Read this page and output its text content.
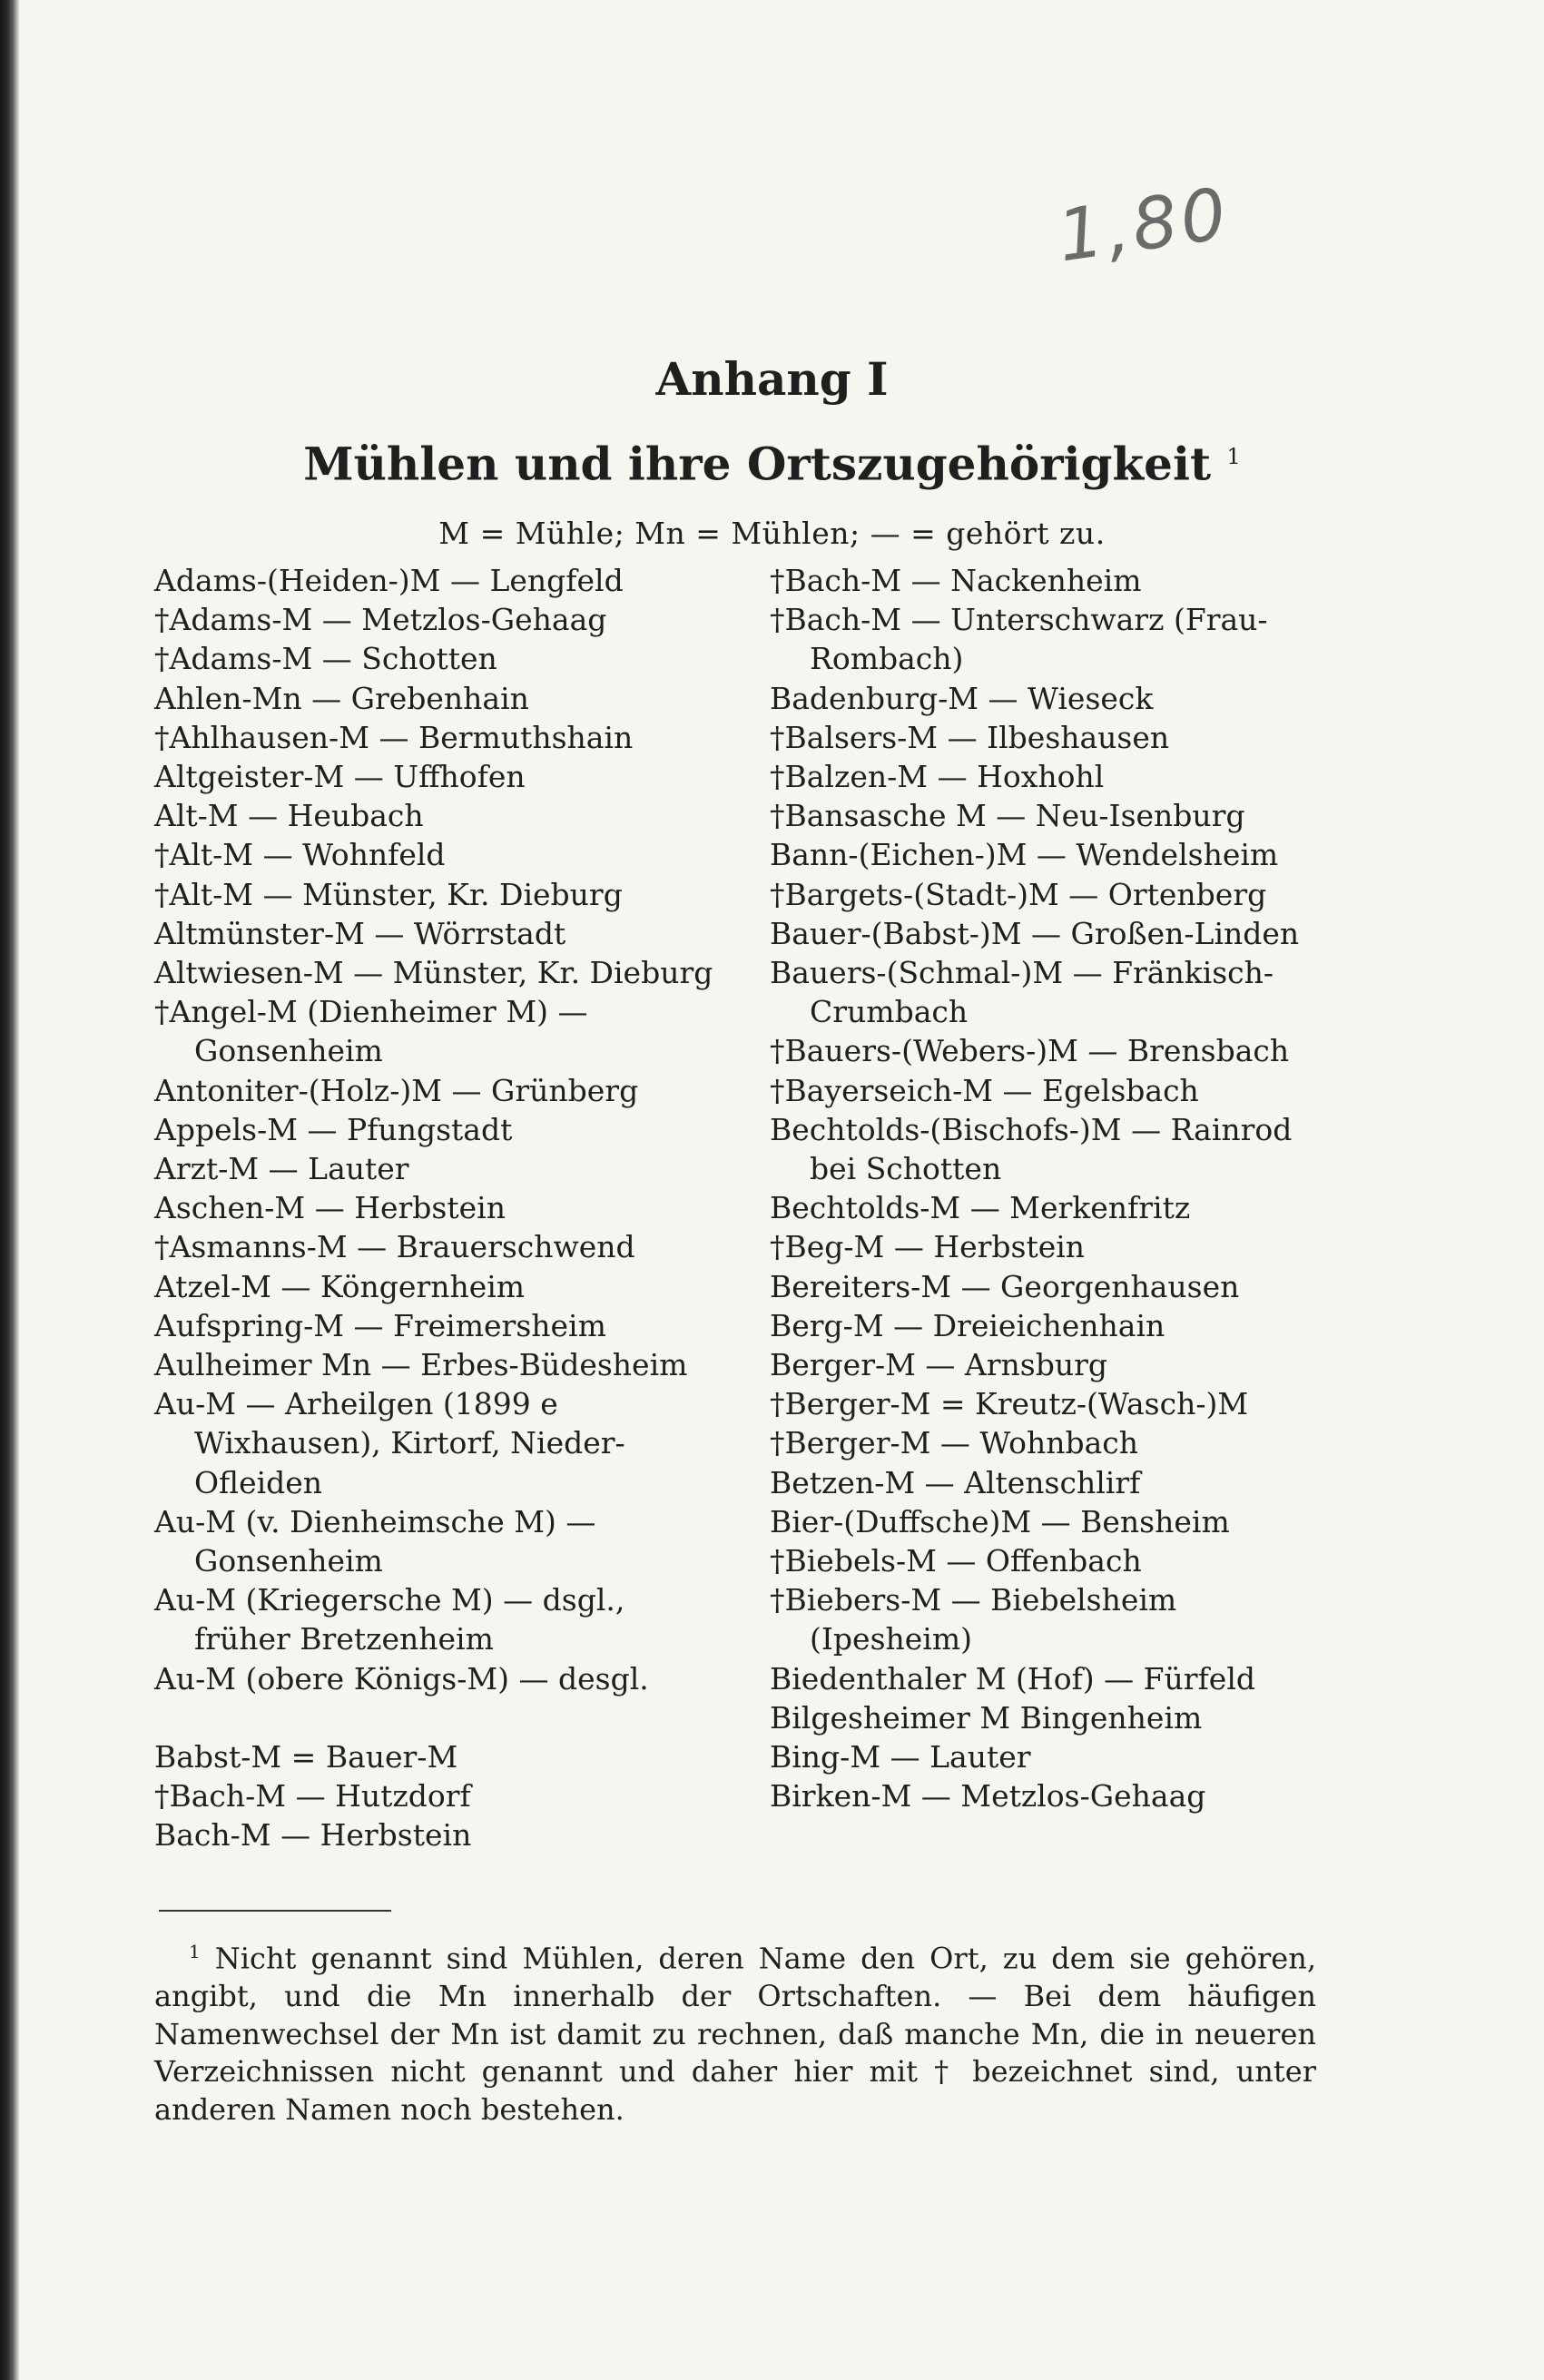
1,80
Anhang I
Mühlen und ihre Ortszugehörigkeit $^1$
M = Mühle; Mn = Mühlen; — = gehört zu.
Adams-(Heiden-)M — Lengfeld
†Adams-M — Metzlos-Gehaag
†Adams-M — Schotten
Ahlen-Mn — Grebenhain
†Ahlhausen-M — Bermuthshain
Altgeister-M — Uffhofen
Alt-M — Heubach
†Alt-M — Wohnfeld
†Alt-M — Münster, Kr. Dieburg
Altmünster-M — Wörrstadt
Altwiesen-M — Münster, Kr. Dieburg
†Angel-M (Dienheimer M) — Gonsenheim
Antoniter-(Holz-)M — Grünberg
Appels-M — Pfungstadt
Arzt-M — Lauter
Aschen-M — Herbstein
†Asmanns-M — Brauerschwend
Atzel-M — Köngernheim
Aufspring-M — Freimersheim
Aulheimer Mn — Erbes-Büdesheim
Au-M — Arheilgen (1899 e Wixhausen), Kirtorf, Nieder-Ofleiden
Au-M (v. Dienheimsche M) — Gonsenheim
Au-M (Kriegersche M) — dsgl., früher Bretzenheim
Au-M (obere Königs-M) — desgl.
Babst-M = Bauer-M
†Bach-M — Hutzdorf
Bach-M — Herbstein
†Bach-M — Nackenheim
†Bach-M — Unterschwarz (Frau-Rombach)
Badenburg-M — Wieseck
†Balsers-M — Ilbeshausen
†Balzen-M — Hoxhohl
†Bansasche M — Neu-Isenburg
Bann-(Eichen-)M — Wendelsheim
†Bargets-(Stadt-)M — Ortenberg
Bauer-(Babst-)M — Großen-Linden
Bauers-(Schmal-)M — Fränkisch-Crumbach
†Bauers-(Webers-)M — Brensbach
†Bayerseich-M — Egelsbach
Bechtolds-(Bischofs-)M — Rainrod bei Schotten
Bechtolds-M — Merkenfritz
†Beg-M — Herbstein
Bereiters-M — Georgenhausen
Berg-M — Dreieichenhain
Berger-M — Arnsburg
†Berger-M = Kreutz-(Wasch-)M
†Berger-M — Wohnbach
Betzen-M — Altenschlirf
Bier-(Duffsche)M — Bensheim
†Biebels-M — Offenbach
†Biebers-M — Biebelsheim (Ipesheim)
Biedenthaler M (Hof) — Fürfeld
Bilgesheimer M Bingenheim
Bing-M — Lauter
Birken-M — Metzlos-Gehaag
$^1$ Nicht genannt sind Mühlen, deren Name den Ort, zu dem sie gehören, angibt, und die Mn innerhalb der Ortschaften. — Bei dem häufigen Namenwechsel der Mn ist damit zu rechnen, daß manche Mn, die in neueren Verzeichnissen nicht genannt und daher hier mit † bezeichnet sind, unter anderen Namen noch bestehen.
